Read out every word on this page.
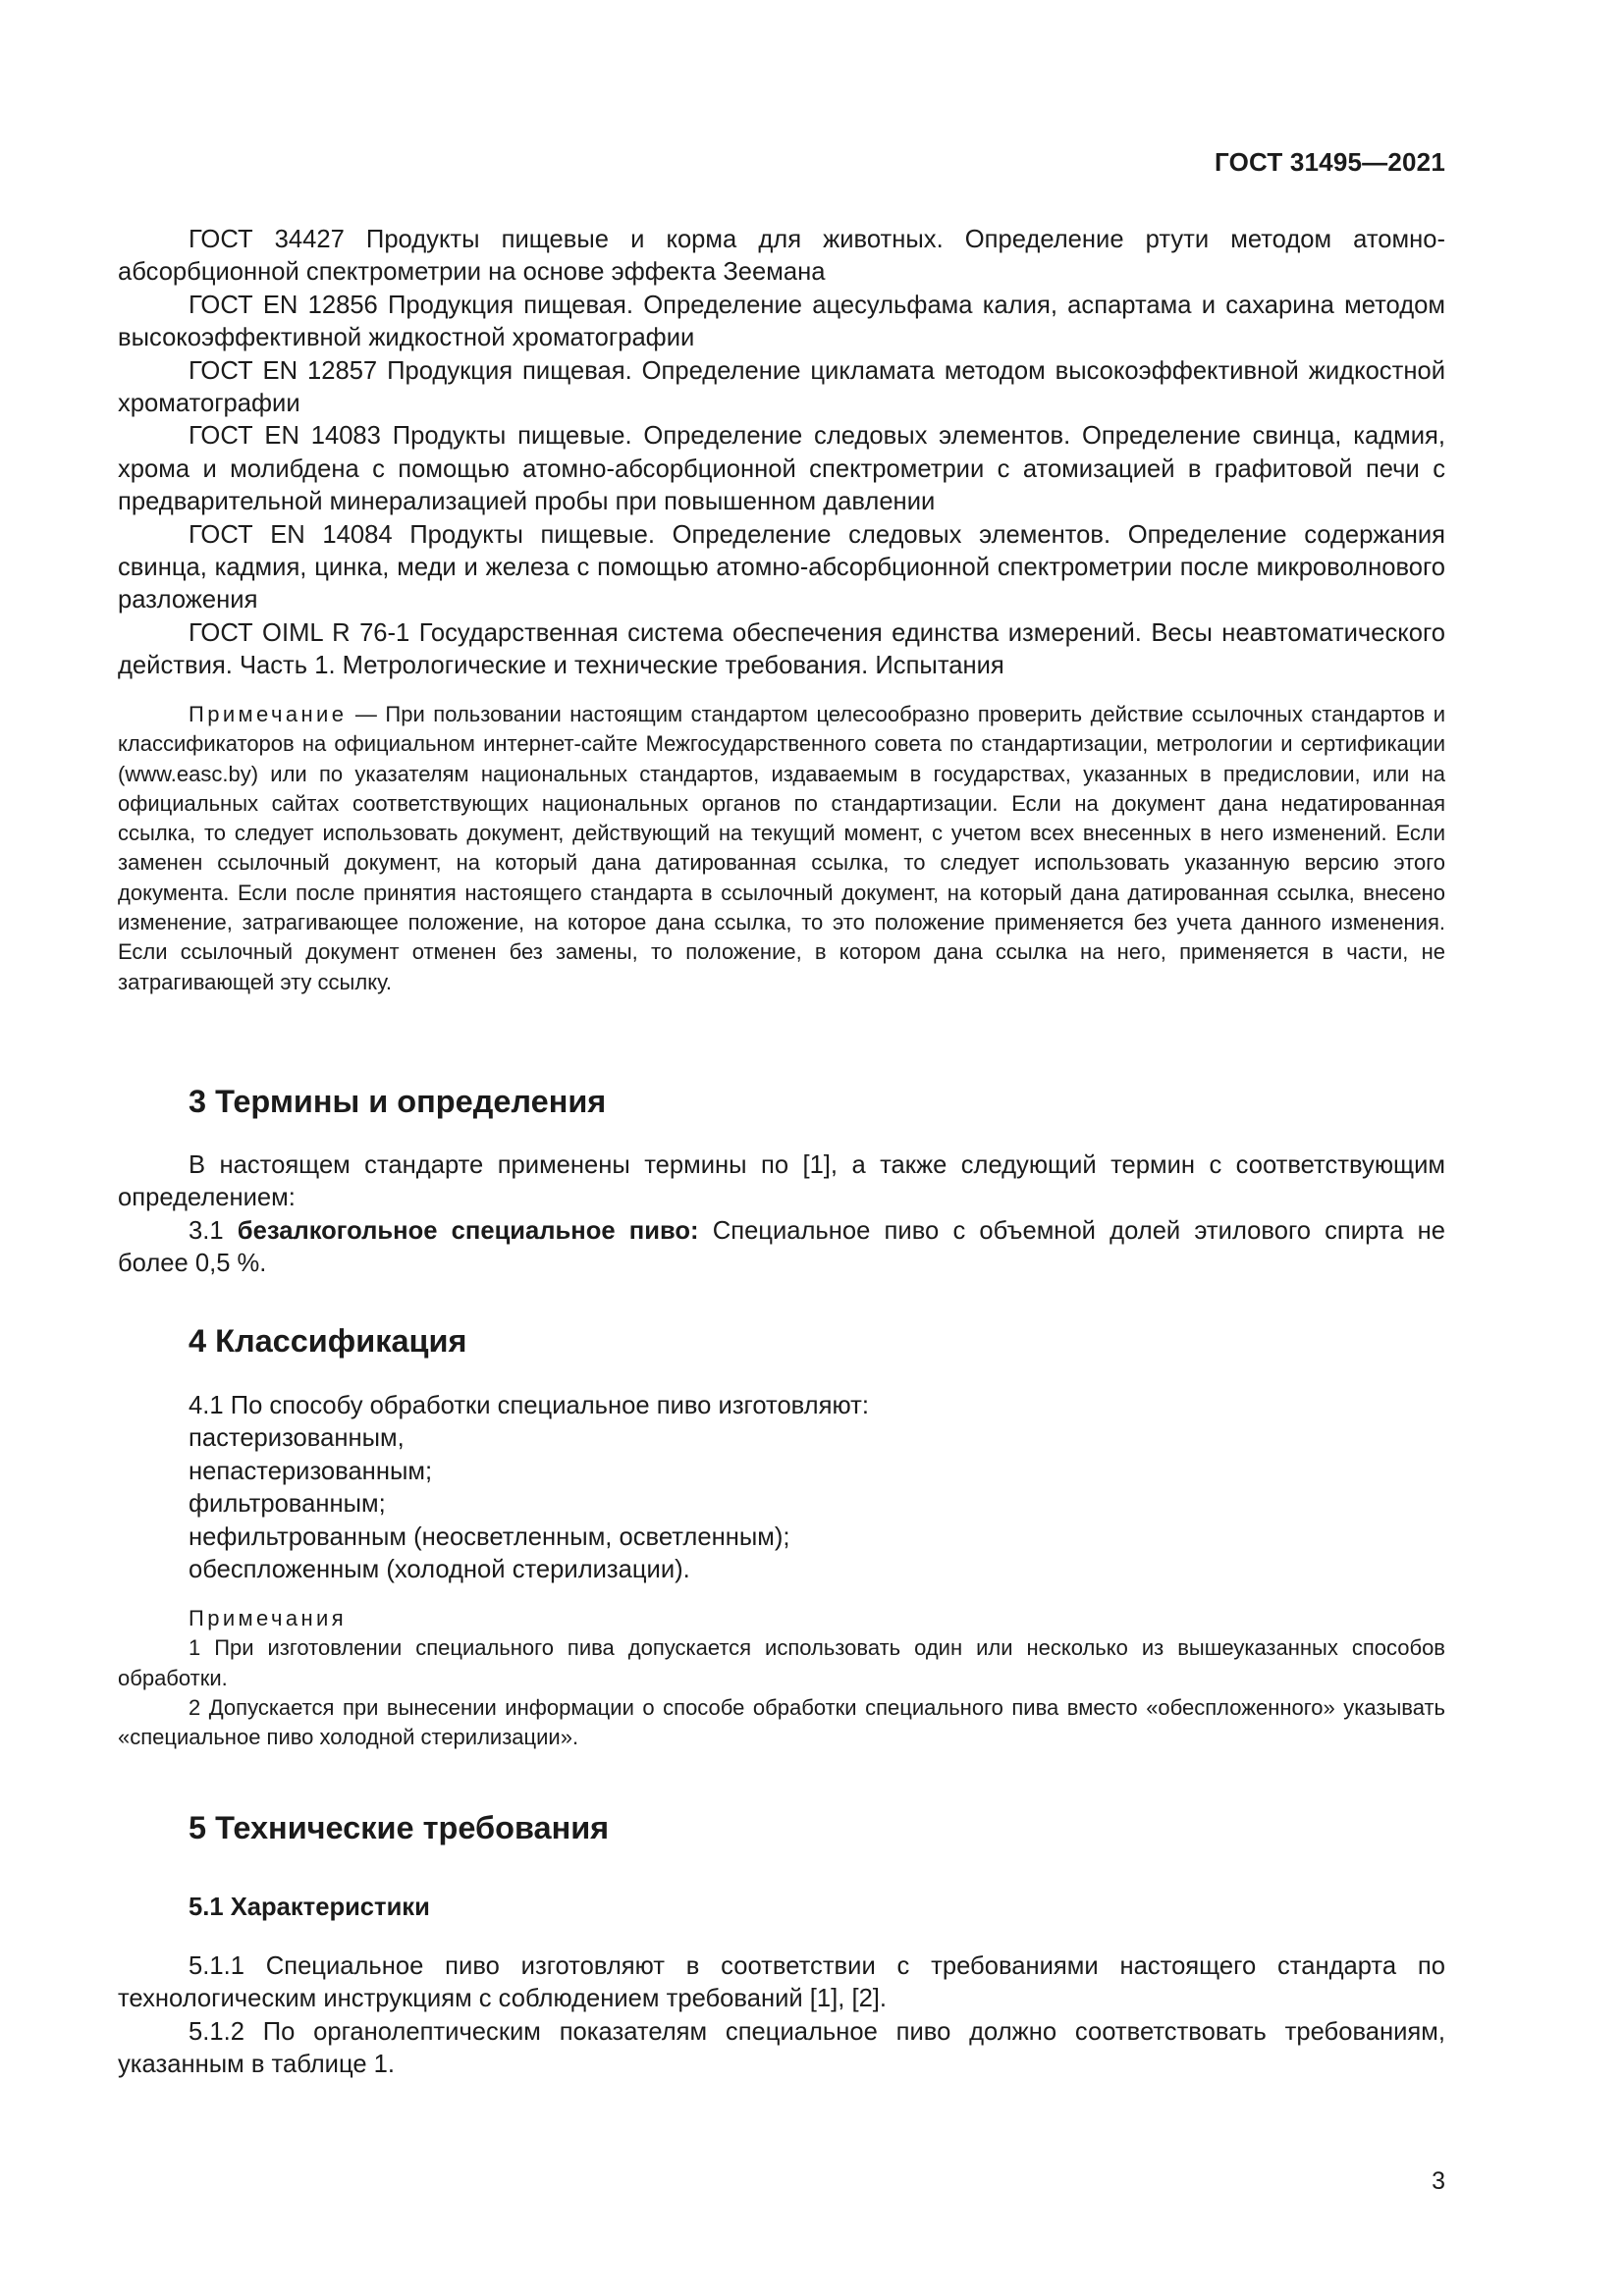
ГОСТ 31495—2021

ГОСТ 34427 Продукты пищевые и корма для животных. Определение ртути методом атомно-абсорбционной спектрометрии на основе эффекта Зеемана

ГОСТ EN 12856 Продукция пищевая. Определение ацесульфама калия, аспартама и сахарина методом высокоэффективной жидкостной хроматографии

ГОСТ EN 12857 Продукция пищевая. Определение цикламата методом высокоэффективной жидкостной хроматографии

ГОСТ EN 14083 Продукты пищевые. Определение следовых элементов. Определение свинца, кадмия, хрома и молибдена с помощью атомно-абсорбционной спектрометрии с атомизацией в графитовой печи с предварительной минерализацией пробы при повышенном давлении

ГОСТ EN 14084 Продукты пищевые. Определение следовых элементов. Определение содержания свинца, кадмия, цинка, меди и железа с помощью атомно-абсорбционной спектрометрии после микроволнового разложения

ГОСТ OIML R 76-1 Государственная система обеспечения единства измерений. Весы неавтоматического действия. Часть 1. Метрологические и технические требования. Испытания

Примечание — При пользовании настоящим стандартом целесообразно проверить действие ссылочных стандартов и классификаторов на официальном интернет-сайте Межгосударственного совета по стандартизации, метрологии и сертификации (www.easc.by) или по указателям национальных стандартов, издаваемым в государствах, указанных в предисловии, или на официальных сайтах соответствующих национальных органов по стандартизации. Если на документ дана недатированная ссылка, то следует использовать документ, действующий на текущий момент, с учетом всех внесенных в него изменений. Если заменен ссылочный документ, на который дана датированная ссылка, то следует использовать указанную версию этого документа. Если после принятия настоящего стандарта в ссылочный документ, на который дана датированная ссылка, внесено изменение, затрагивающее положение, на которое дана ссылка, то это положение применяется без учета данного изменения. Если ссылочный документ отменен без замены, то положение, в котором дана ссылка на него, применяется в части, не затрагивающей эту ссылку.

3 Термины и определения

В настоящем стандарте применены термины по [1], а также следующий термин с соответствующим определением:

3.1 безалкогольное специальное пиво: Специальное пиво с объемной долей этилового спирта не более 0,5 %.

4 Классификация

4.1 По способу обработки специальное пиво изготовляют:

пастеризованным,

непастеризованным;

фильтрованным;

нефильтрованным (неосветленным, осветленным);

обеспложенным (холодной стерилизации).

Примечания

1 При изготовлении специального пива допускается использовать один или несколько из вышеуказанных способов обработки.

2 Допускается при вынесении информации о способе обработки специального пива вместо «обеспложенного» указывать «специальное пиво холодной стерилизации».

5 Технические требования
5.1 Характеристики

5.1.1 Специальное пиво изготовляют в соответствии с требованиями настоящего стандарта по технологическим инструкциям с соблюдением требований [1], [2].

5.1.2 По органолептическим показателям специальное пиво должно соответствовать требованиям, указанным в таблице 1.

3
